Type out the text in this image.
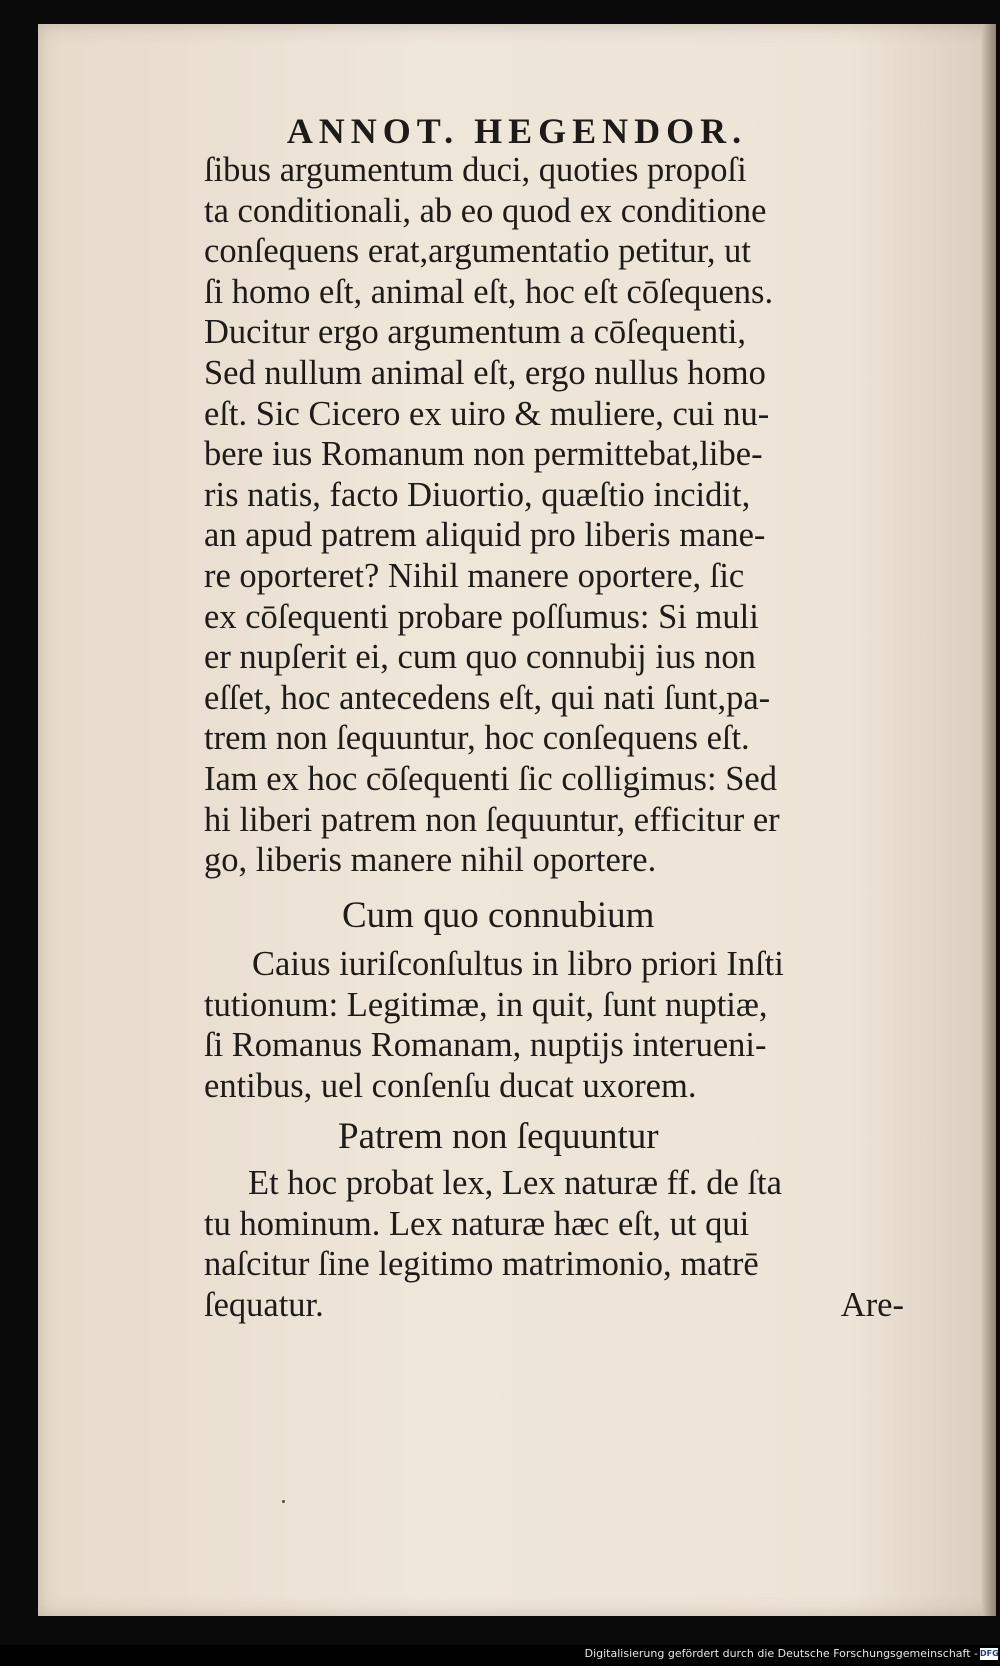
ANNOT. HEGENDOR.
ſibus argumentum duci, quoties propoſi
ta conditionali, ab eo quod ex conditione
conſequens erat,argumentatio petitur, ut
ſi homo eſt, animal eſt, hoc eſt cōſequens.
Ducitur ergo argumentum a cōſequenti,
Sed nullum animal eſt, ergo nullus homo
eſt. Sic Cicero ex uiro & muliere, cui nu-
bere ius Romanum non permittebat,libe-
ris natis, facto Diuortio, quæſtio incidit,
an apud patrem aliquid pro liberis mane-
re oporteret? Nihil manere oportere, ſic
ex cōſequenti probare poſſumus: Si muli
er nupſerit ei, cum quo connubij ius non
eſſet, hoc antecedens eſt, qui nati ſunt,pa-
trem non ſequuntur, hoc conſequens eſt.
Iam ex hoc cōſequenti ſic colligimus: Sed
hi liberi patrem non ſequuntur, efficitur er
go, liberis manere nihil oportere.
Cum quo connubium
Caius iuriſconſultus in libro priori Inſti
tutionum: Legitimæ, in quit, ſunt nuptiæ,
ſi Romanus Romanam, nuptijs interueni-
entibus, uel conſenſu ducat uxorem.
Patrem non ſequuntur
Et hoc probat lex, Lex naturæ ff. de ſta
tu hominum. Lex naturæ hæc eſt, ut qui
naſcitur ſine legitimo matrimonio, matrē
ſequatur.	Are-
Digitalisierung gefördert durch die Deutsche Forschungsgemeinschaft - DFG
